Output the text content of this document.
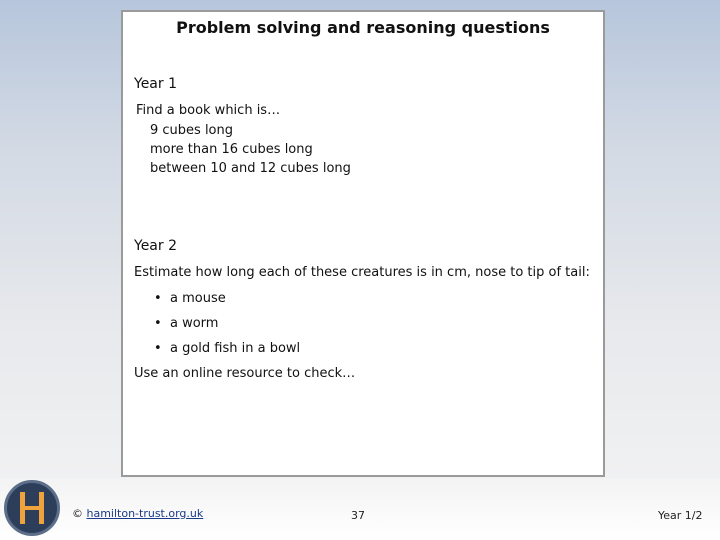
Problem solving and reasoning questions
Year 1
Find a book which is…
9 cubes long
more than 16 cubes long
between 10 and 12 cubes long
Year 2
Estimate how long each of these creatures is in cm, nose to tip of tail:
• a mouse
• a worm
• a gold fish in a bowl
Use an online resource to check…
© hamilton-trust.org.uk	37	Year 1/2
